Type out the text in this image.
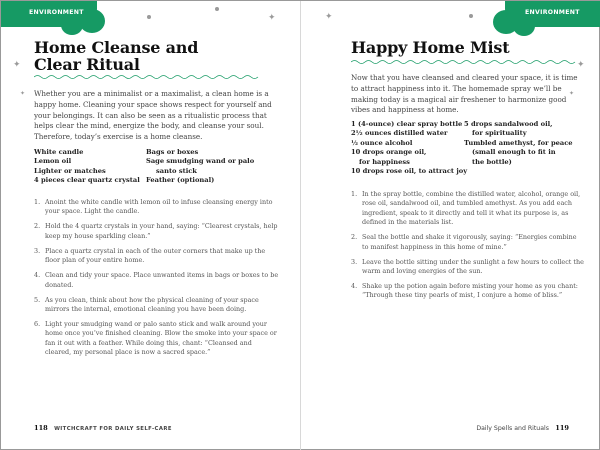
ENVIRONMENT
✦
✦
✦
Home Cleanse and
Clear Ritual

Whether you are a minimalist or a maximalist, a clean home is a happy home. Cleaning your space shows respect for yourself and your belongings. It can also be seen as a ritualistic process that helps clear the mind, energize the body, and cleanse your soul. Therefore, today’s exercise is a home cleanse.

White candle
Lemon oil
Lighter or matches
4 pieces clear quartz crystal
Bags or boxes
Sage smudging wand or palo
santo stick
Feather (optional)
1. Anoint the white candle with lemon oil to infuse cleansing energy into your space. Light the candle.
2. Hold the 4 quartz crystals in your hand, saying: “Clearest crystals, help keep my house sparkling clean.”
3. Place a quartz crystal in each of the outer corners that make up the floor plan of your entire home.
4. Clean and tidy your space. Place unwanted items in bags or boxes to be donated.
5. As you clean, think about how the physical cleaning of your space mirrors the internal, emotional cleaning you have been doing.
6. Light your smudging wand or palo santo stick and walk around your home once you’ve finished cleaning. Blow the smoke into your space or fan it out with a feather. While doing this, chant: “Cleansed and cleared, my personal place is now a sacred space.”
118 WITCHCRAFT FOR DAILY SELF-CARE
ENVIRONMENT
✦
✦
✦
Happy Home Mist

Now that you have cleansed and cleared your space, it is time to attract happiness into it. The homemade spray we’ll be making today is a magical air freshener to harmonize good vibes and happiness at home.

1 (4-ounce) clear spray bottle
2½ ounces distilled water
½ ounce alcohol
10 drops orange oil,
for happiness
10 drops rose oil, to attract joy
5 drops sandalwood oil,
for spirituality
Tumbled amethyst, for peace
(small enough to fit in
the bottle)
1. In the spray bottle, combine the distilled water, alcohol, orange oil, rose oil, sandalwood oil, and tumbled amethyst. As you add each ingredient, speak to it directly and tell it what its purpose is, as defined in the materials list.
2. Seal the bottle and shake it vigorously, saying: “Energies combine to manifest happiness in this home of mine.”
3. Leave the bottle sitting under the sunlight a few hours to collect the warm and loving energies of the sun.
4. Shake up the potion again before misting your home as you chant: “Through these tiny pearls of mist, I conjure a home of bliss.”
Daily Spells and Rituals 119
